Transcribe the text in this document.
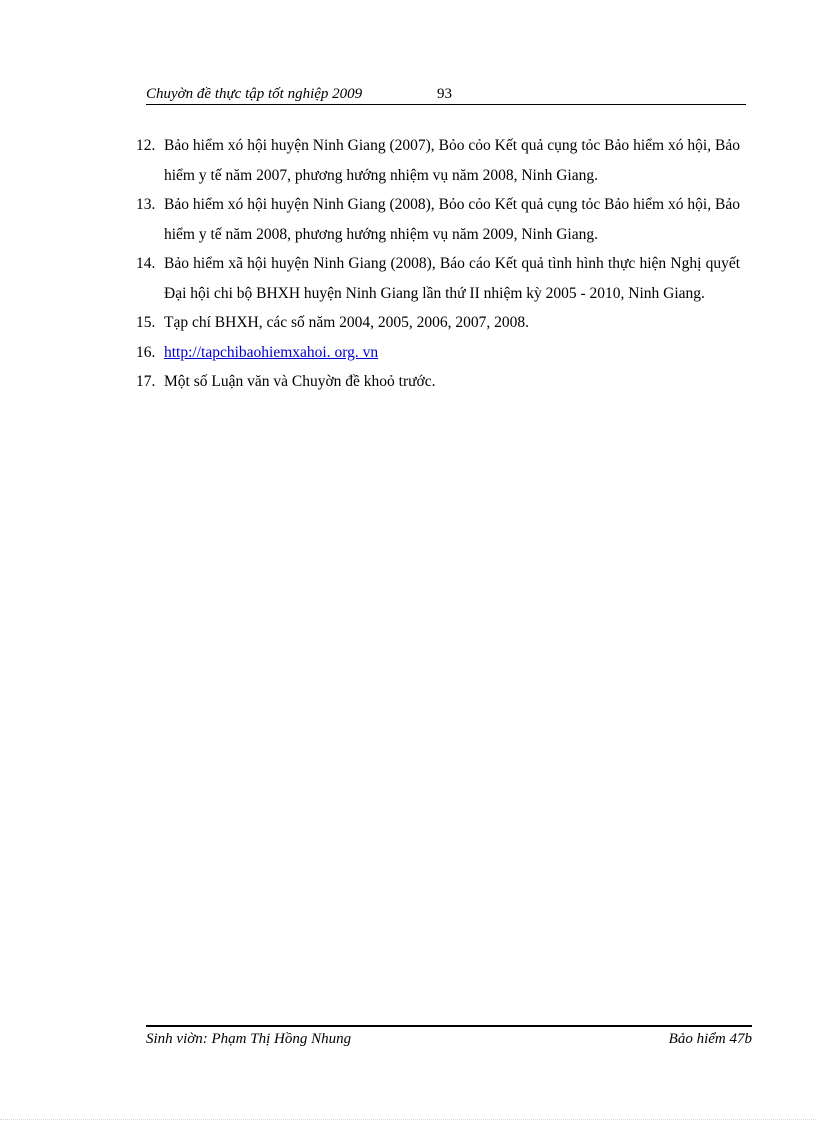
Chuyờn đề thực tập tốt nghiệp 2009	93
12. Bảo hiểm xó hội huyện Ninh Giang (2007), Bỏo cỏo Kết quả cụng tỏc Bảo hiểm xó hội, Bảo hiểm y tế năm 2007, phương hướng nhiệm vụ năm 2008, Ninh Giang.
13. Bảo hiểm xó hội huyện Ninh Giang (2008), Bỏo cỏo Kết quả cụng tỏc Bảo hiểm xó hội, Bảo hiểm y tế năm 2008, phương hướng nhiệm vụ năm 2009, Ninh Giang.
14. Bảo hiểm xã hội huyện Ninh Giang (2008), Báo cáo Kết quả tình hình thực hiện Nghị quyết Đại hội chi bộ BHXH huyện Ninh Giang lần thứ II nhiệm kỳ 2005 - 2010, Ninh Giang.
15. Tạp chí BHXH, các số năm 2004, 2005, 2006, 2007, 2008.
16. http://tapchibaohiemxahoi. org. vn
17. Một số Luận văn và Chuyờn đề khoỏ trước.
Sinh viờn: Phạm Thị Hồng Nhung	Bảo hiểm 47b
